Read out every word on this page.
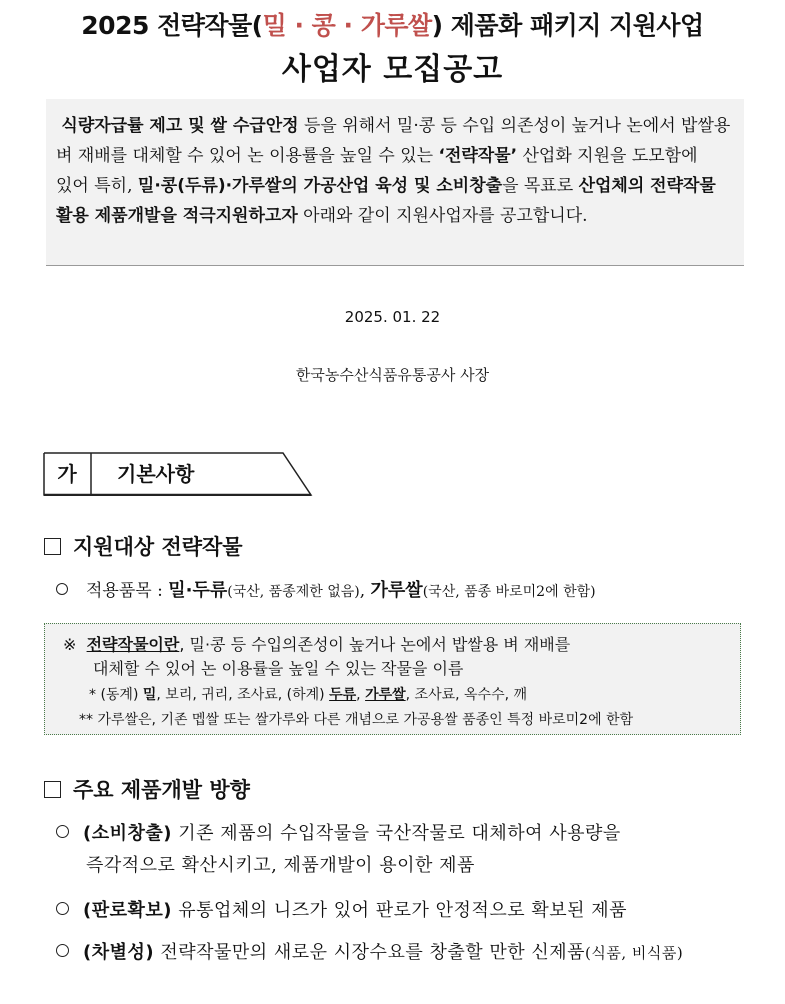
2025 전략작물(밀 · 콩 · 가루쌀) 제품화 패키지 지원사업
사업자 모집공고

식량자급률 제고 및 쌀 수급안정 등을 위해서 밀·콩 등 수입 의존성이 높거나 논에서 밥쌀용 벼 재배를 대체할 수 있어 논 이용률을 높일 수 있는 ‘전략작물’ 산업화 지원을 도모함에 있어 특히, 밀·콩(두류)·가루쌀의 가공산업 육성 및 소비창출을 목표로 산업체의 전략작물 활용 제품개발을 적극지원하고자 아래와 같이 지원사업자를 공고합니다.

2025. 01. 22
한국농수산식품유통공사 사장
가	기본사항
지원대상 전략작물
적용품목 : 밀·두류(국산, 품종제한 없음), 가루쌀(국산, 품종 바로미2에 한함)
※ 전략작물이란, 밀·콩 등 수입의존성이 높거나 논에서 밥쌀용 벼 재배를
대체할 수 있어 논 이용률을 높일 수 있는 작물을 이름
* (동계) 밀, 보리, 귀리, 조사료, (하계) 두류, 가루쌀, 조사료, 옥수수, 깨
** 가루쌀은, 기존 멥쌀 또는 쌀가루와 다른 개념으로 가공용쌀 품종인 특정 바로미2에 한함
주요 제품개발 방향
(소비창출) 기존 제품의 수입작물을 국산작물로 대체하여 사용량을
즉각적으로 확산시키고, 제품개발이 용이한 제품
(판로확보) 유통업체의 니즈가 있어 판로가 안정적으로 확보된 제품
(차별성) 전략작물만의 새로운 시장수요를 창출할 만한 신제품(식품, 비식품)
